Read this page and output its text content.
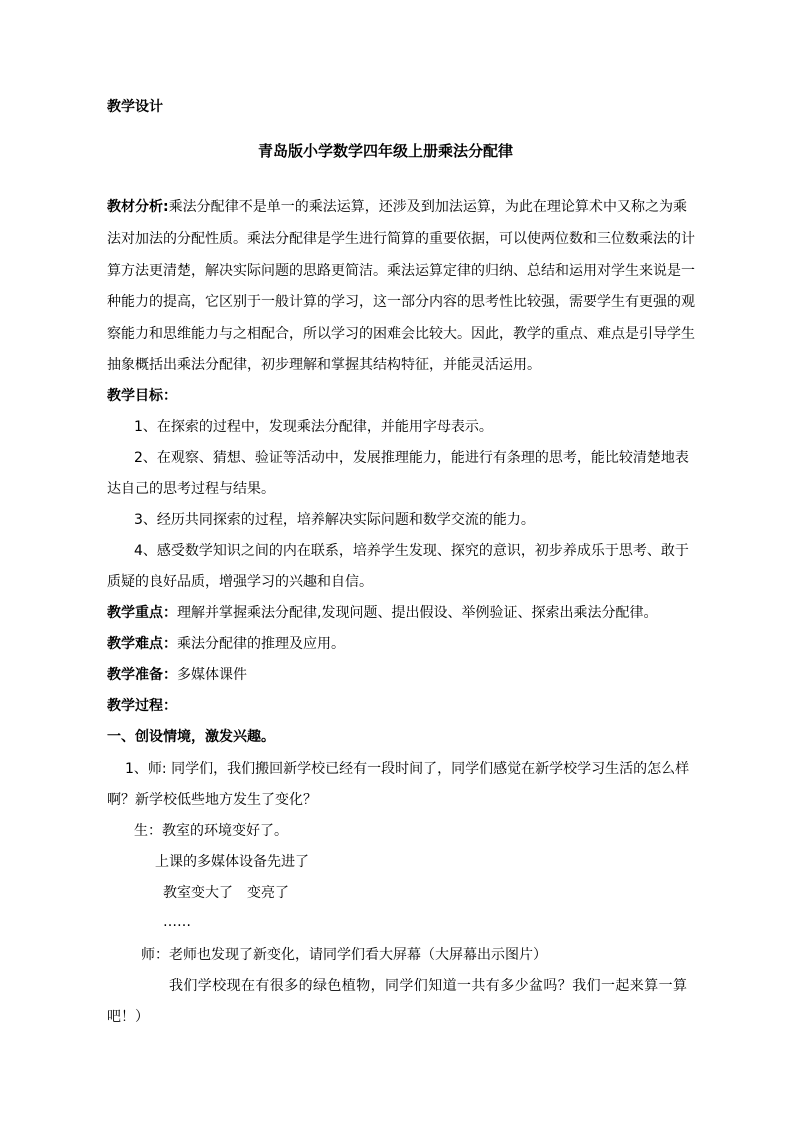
教学设计
青岛版小学数学四年级上册乘法分配律
教材分析:乘法分配律不是单一的乘法运算，还涉及到加法运算，为此在理论算术中又称之为乘
法对加法的分配性质。乘法分配律是学生进行简算的重要依据，可以使两位数和三位数乘法的计
算方法更清楚，解决实际问题的思路更简洁。乘法运算定律的归纳、总结和运用对学生来说是一
种能力的提高，它区别于一般计算的学习，这一部分内容的思考性比较强，需要学生有更强的观
察能力和思维能力与之相配合，所以学习的困难会比较大。因此，教学的重点、难点是引导学生
抽象概括出乘法分配律，初步理解和掌握其结构特征，并能灵活运用。
教学目标：
1、在探索的过程中，发现乘法分配律，并能用字母表示。
2、在观察、猜想、验证等活动中，发展推理能力，能进行有条理的思考，能比较清楚地表
达自己的思考过程与结果。
3、经历共同探索的过程，培养解决实际问题和数学交流的能力。
4、感受数学知识之间的内在联系，培养学生发现、探究的意识，初步养成乐于思考、敢于
质疑的良好品质，增强学习的兴趣和自信。
教学重点：理解并掌握乘法分配律,发现问题、提出假设、举例验证、探索出乘法分配律。
教学难点：乘法分配律的推理及应用。
教学准备：多媒体课件
教学过程：
一、创设情境，激发兴趣。
1、师: 同学们，我们搬回新学校已经有一段时间了，同学们感觉在新学校学习生活的怎么样
啊？新学校低些地方发生了变化？
生：教室的环境变好了。
上课的多媒体设备先进了
教室变大了　变亮了
……
师：老师也发现了新变化，请同学们看大屏幕（大屏幕出示图片）
我们学校现在有很多的绿色植物，同学们知道一共有多少盆吗？我们一起来算一算
吧！）
